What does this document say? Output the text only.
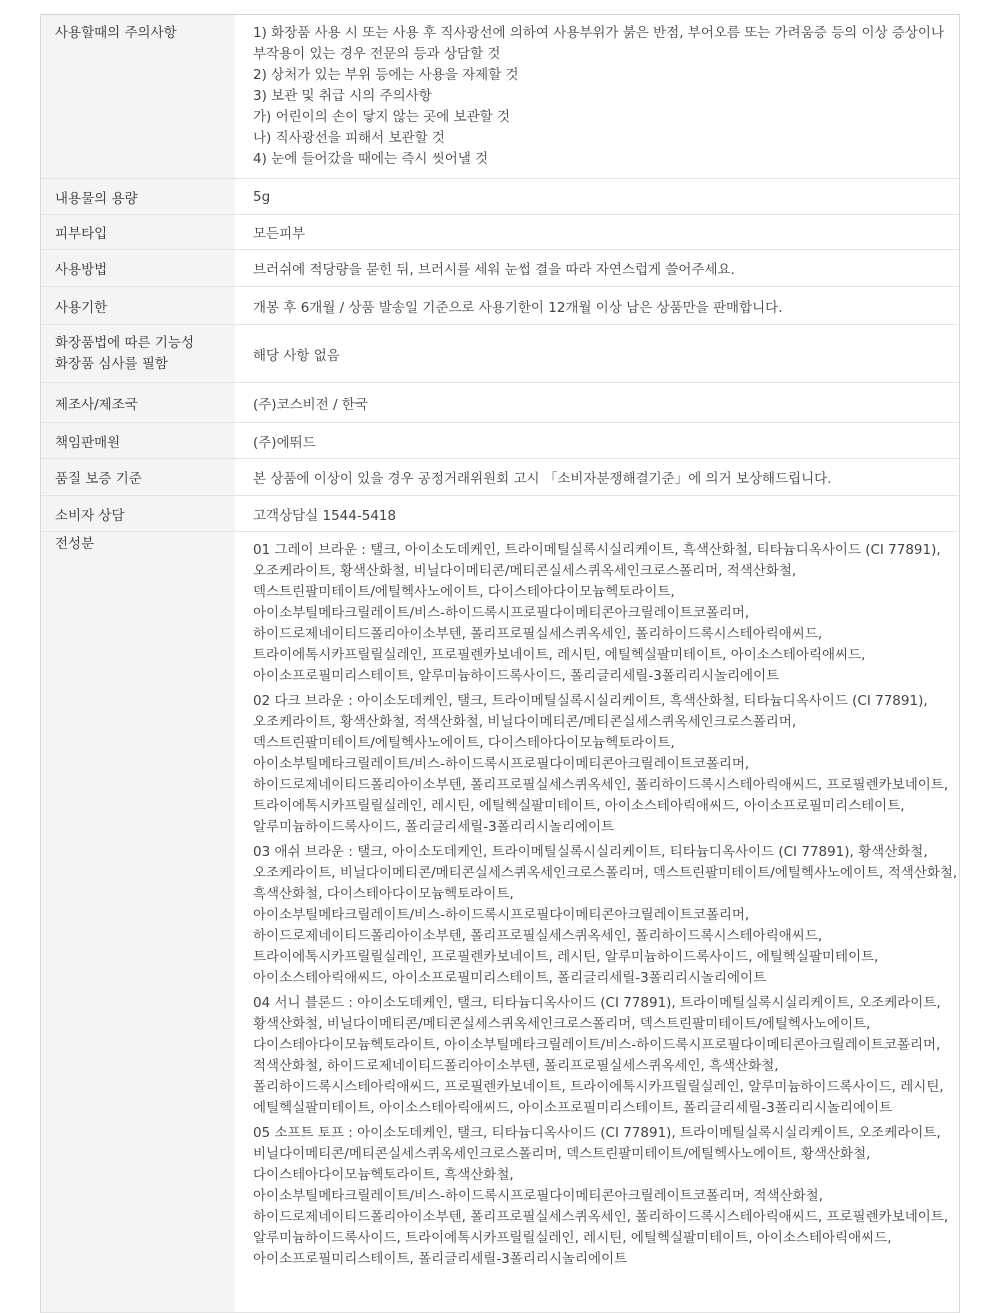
사용할때의 주의사항	1) 화장품 사용 시 또는 사용 후 직사광선에 의하여 사용부위가 붉은 반점, 부어오름 또는 가려움증 등의 이상 증상이나
부작용이 있는 경우 전문의 등과 상담할 것
2) 상처가 있는 부위 등에는 사용을 자제할 것
3) 보관 및 취급 시의 주의사항
가) 어린이의 손이 닿지 않는 곳에 보관할 것
나) 직사광선을 피해서 보관할 것
4) 눈에 들어갔을 때에는 즉시 씻어낼 것
내용물의 용량	5g
피부타입	모든피부
사용방법	브러쉬에 적당량을 묻힌 뒤, 브러시를 세워 눈썹 결을 따라 자연스럽게 쓸어주세요.
사용기한	개봉 후 6개월 / 상품 발송일 기준으로 사용기한이 12개월 이상 남은 상품만을 판매합니다.
화장품법에 따른 기능성
화장품 심사를 필함	해당 사항 없음
제조사/제조국	(주)코스비전 / 한국
책임판매원	(주)에뛰드
품질 보증 기준	본 상품에 이상이 있을 경우 공정거래위원회 고시 「소비자분쟁해결기준」에 의거 보상해드립니다.
소비자 상담	고객상담실 1544-5418
전성분	01 그레이 브라운 : 탤크, 아이소도데케인, 트라이메틸실록시실리케이트, 흑색산화철, 티타늄디옥사이드 (CI 77891),
오조케라이트, 황색산화철, 비닐다이메티콘/메티콘실세스퀴옥세인크로스폴리머, 적색산화철,
덱스트린팔미테이트/에틸헥사노에이트, 다이스테아다이모늄헥토라이트,
아이소부틸메타크릴레이트/비스-하이드록시프로필다이메티콘아크릴레이트코폴리머,
하이드로제네이티드폴리아이소부텐, 폴리프로필실세스퀴옥세인, 폴리하이드록시스테아릭애씨드,
트라이에톡시카프릴릴실레인, 프로필렌카보네이트, 레시틴, 에틸헥실팔미테이트, 아이소스테아릭애씨드,
아이소프로필미리스테이트, 알루미늄하이드록사이드, 폴리글리세릴-3폴리리시놀리에이트
02 다크 브라운 : 아이소도데케인, 탤크, 트라이메틸실록시실리케이트, 흑색산화철, 티타늄디옥사이드 (CI 77891),
오조케라이트, 황색산화철, 적색산화철, 비닐다이메티콘/메티콘실세스퀴옥세인크로스폴리머,
덱스트린팔미테이트/에틸헥사노에이트, 다이스테아다이모늄헥토라이트,
아이소부틸메타크릴레이트/비스-하이드록시프로필다이메티콘아크릴레이트코폴리머,
하이드로제네이티드폴리아이소부텐, 폴리프로필실세스퀴옥세인, 폴리하이드록시스테아릭애씨드, 프로필렌카보네이트,
트라이에톡시카프릴릴실레인, 레시틴, 에틸헥실팔미테이트, 아이소스테아릭애씨드, 아이소프로필미리스테이트,
알루미늄하이드록사이드, 폴리글리세릴-3폴리리시놀리에이트
03 애쉬 브라운 : 탤크, 아이소도데케인, 트라이메틸실록시실리케이트, 티타늄디옥사이드 (CI 77891), 황색산화철,
오조케라이트, 비닐다이메티콘/메티콘실세스퀴옥세인크로스폴리머, 덱스트린팔미테이트/에틸헥사노에이트, 적색산화철,
흑색산화철, 다이스테아다이모늄헥토라이트,
아이소부틸메타크릴레이트/비스-하이드록시프로필다이메티콘아크릴레이트코폴리머,
하이드로제네이티드폴리아이소부텐, 폴리프로필실세스퀴옥세인, 폴리하이드록시스테아릭애씨드,
트라이에톡시카프릴릴실레인, 프로필렌카보네이트, 레시틴, 알루미늄하이드록사이드, 에틸헥실팔미테이트,
아이소스테아릭애씨드, 아이소프로필미리스테이트, 폴리글리세릴-3폴리리시놀리에이트
04 서니 블론드 : 아이소도데케인, 탤크, 티타늄디옥사이드 (CI 77891), 트라이메틸실록시실리케이트, 오조케라이트,
황색산화철, 비닐다이메티콘/메티콘실세스퀴옥세인크로스폴리머, 덱스트린팔미테이트/에틸헥사노에이트,
다이스테아다이모늄헥토라이트, 아이소부틸메타크릴레이트/비스-하이드록시프로필다이메티콘아크릴레이트코폴리머,
적색산화철, 하이드로제네이티드폴리아이소부텐, 폴리프로필실세스퀴옥세인, 흑색산화철,
폴리하이드록시스테아릭애씨드, 프로필렌카보네이트, 트라이에톡시카프릴릴실레인, 알루미늄하이드록사이드, 레시틴,
에틸헥실팔미테이트, 아이소스테아릭애씨드, 아이소프로필미리스테이트, 폴리글리세릴-3폴리리시놀리에이트
05 소프트 토프 : 아이소도데케인, 탤크, 티타늄디옥사이드 (CI 77891), 트라이메틸실록시실리케이트, 오조케라이트,
비닐다이메티콘/메티콘실세스퀴옥세인크로스폴리머, 덱스트린팔미테이트/에틸헥사노에이트, 황색산화철,
다이스테아다이모늄헥토라이트, 흑색산화철,
아이소부틸메타크릴레이트/비스-하이드록시프로필다이메티콘아크릴레이트코폴리머, 적색산화철,
하이드로제네이티드폴리아이소부텐, 폴리프로필실세스퀴옥세인, 폴리하이드록시스테아릭애씨드, 프로필렌카보네이트,
알루미늄하이드록사이드, 트라이에톡시카프릴릴실레인, 레시틴, 에틸헥실팔미테이트, 아이소스테아릭애씨드,
아이소프로필미리스테이트, 폴리글리세릴-3폴리리시놀리에이트
